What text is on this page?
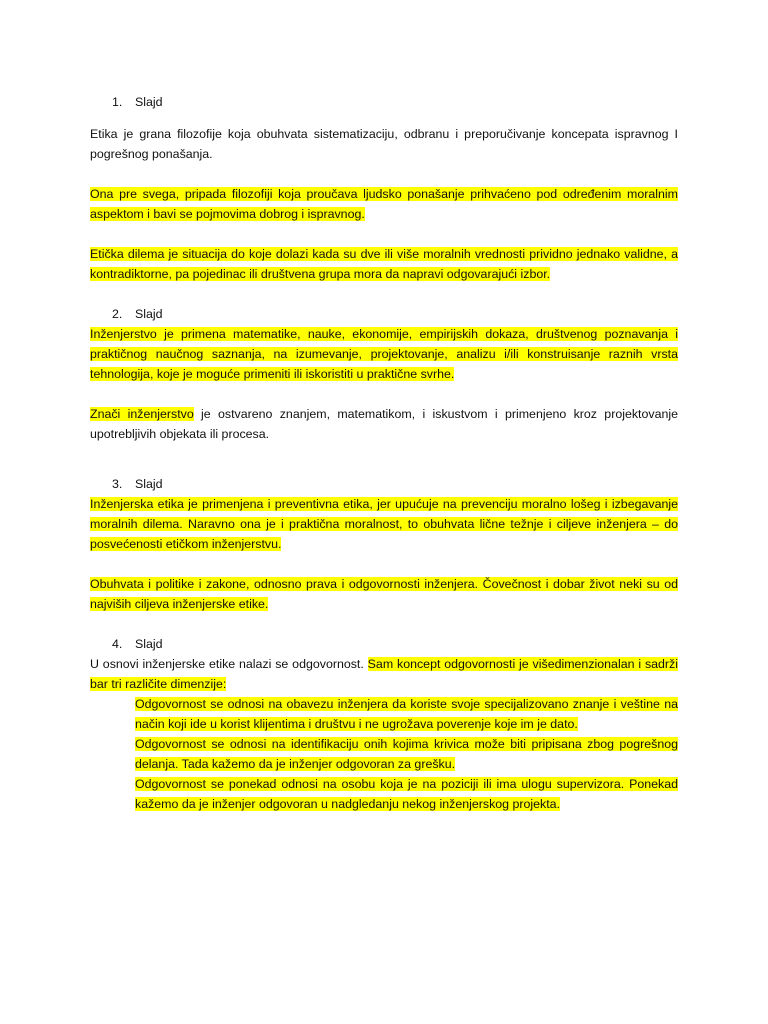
1. Slajd

Etika je grana filozofije koja obuhvata sistematizaciju, odbranu i preporučivanje koncepata ispravnog I pogrešnog ponašanja.

Ona pre svega, pripada filozofiji koja proučava ljudsko ponašanje prihvaćeno pod određenim moralnim aspektom i bavi se pojmovima dobrog i ispravnog.

Etička dilema je situacija do koje dolazi kada su dve ili više moralnih vrednosti prividno jednako validne, a kontradiktorne, pa pojedinac ili društvena grupa mora da napravi odgovarajući izbor.

2. Slajd

Inženjerstvo je primena matematike, nauke, ekonomije, empirijskih dokaza, društvenog poznavanja i praktičnog naučnog saznanja, na izumevanje, projektovanje, analizu i/ili konstruisanje raznih vrsta tehnologija, koje je moguće primeniti ili iskoristiti u praktične svrhe.

Znači inženjerstvo je ostvareno znanjem, matematikom, i iskustvom i primenjeno kroz projektovanje upotrebljivih objekata ili procesa.

3. Slajd

Inženjerska etika je primenjena i preventivna etika, jer upućuje na prevenciju moralno lošeg i izbegavanje moralnih dilema. Naravno ona je i praktična moralnost, to obuhvata lične težnje i ciljeve inženjera – do posvećenosti etičkom inženjerstvu.

Obuhvata i politike i zakone, odnosno prava i odgovornosti inženjera. Čovečnost i dobar život neki su od najviših ciljeva inženjerske etike.

4. Slajd

U osnovi inženjerske etike nalazi se odgovornost. Sam koncept odgovornosti je višedimenzionalan i sadrži bar tri različite dimenzije:

Odgovornost se odnosi na obavezu inženjera da koriste svoje specijalizovano znanje i veštine na način koji ide u korist klijentima i društvu i ne ugrožava poverenje koje im je dato.

Odgovornost se odnosi na identifikaciju onih kojima krivica može biti pripisana zbog pogrešnog delanja. Tada kažemo da je inženjer odgovoran za grešku.

Odgovornost se ponekad odnosi na osobu koja je na poziciji ili ima ulogu supervizora. Ponekad kažemo da je inženjer odgovoran u nadgledanju nekog inženjerskog projekta.
